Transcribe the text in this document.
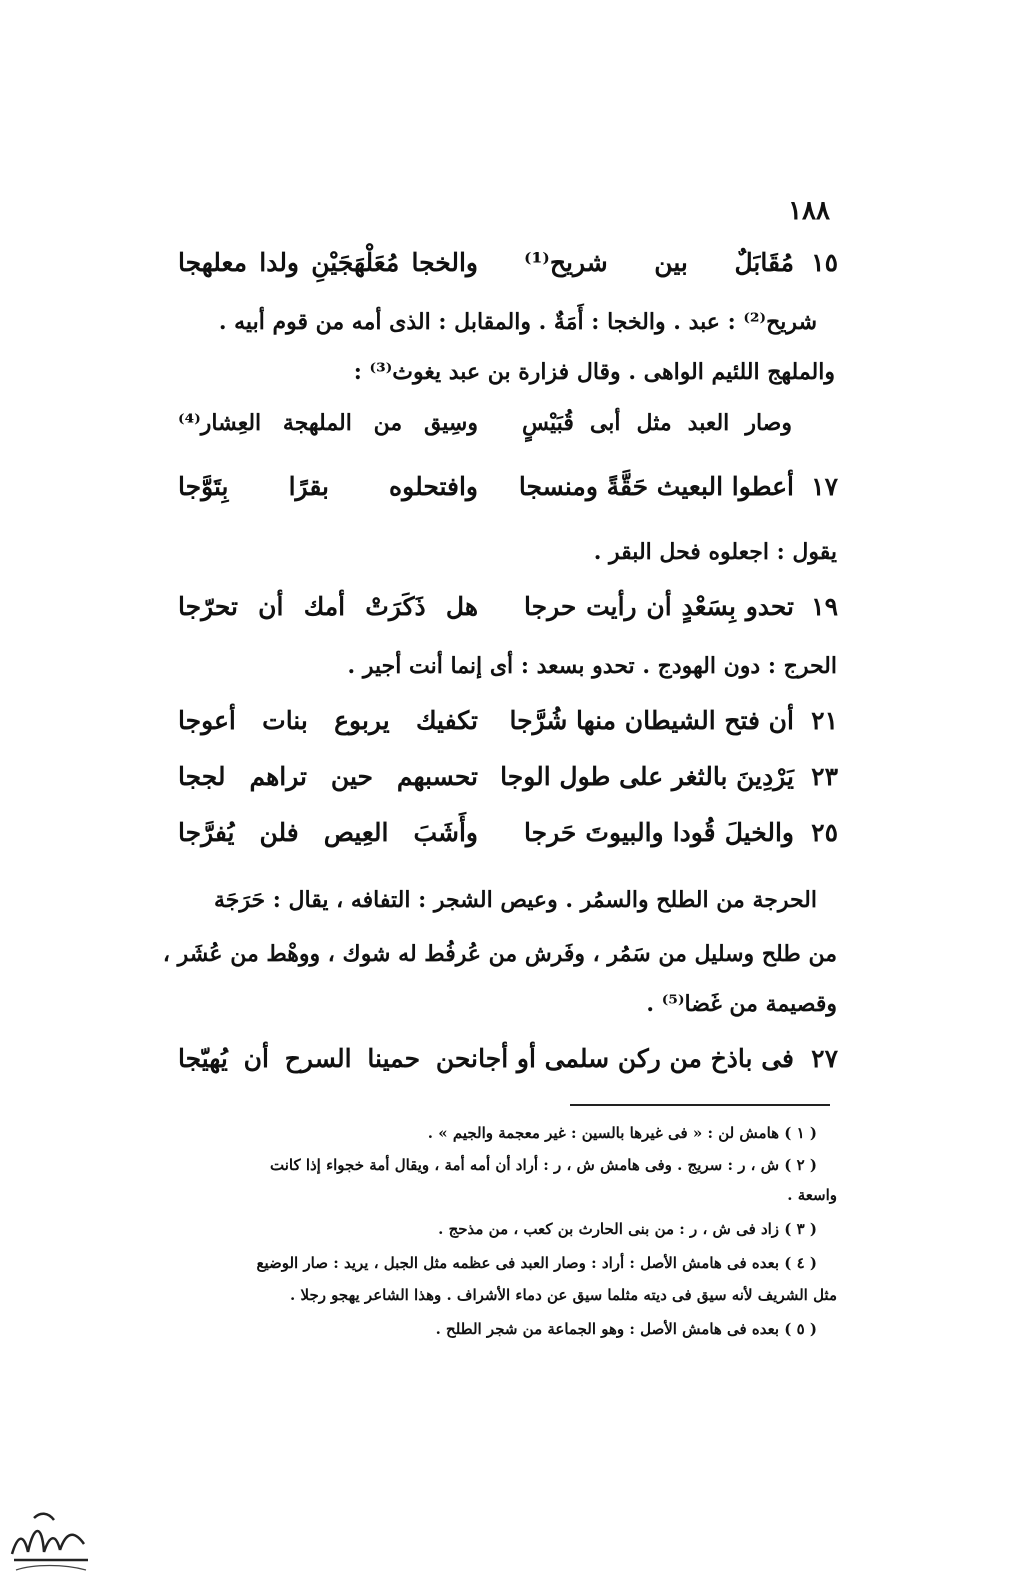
١٨٨
١٥
مُقَابَلٌ بين شريح⁽¹⁾
والخجا مُعَلْهَجَيْنِ ولدا معلهجا
شريح⁽²⁾ : عبد . والخجا : أَمَةٌ . والمقابل : الذى أمه من قوم أبيه .
والملهج اللئيم الواهى . وقال فزارة بن عبد يغوث⁽³⁾ :
وصار العبد مثل أبى قُبَيْسٍ
وسِيق من الملهجة العِشار⁽⁴⁾
١٧
أعطوا البعيث حَقَّةً ومنسجا
وافتحلوه بقرًا بِتَوَّجا
يقول : اجعلوه فحل البقر .
١٩
تحدو بِسَعْدٍ أن رأيت حرجا
هل ذَكَرَتْ أمك أن تحرّجا
الحرج : دون الهودج . تحدو بسعد : أى إنما أنت أجير .
٢١
أن فتح الشيطان منها شُرَّجا
تكفيك يربوع بنات أعوجا
٢٣
يَرْدِينَ بالثغر على طول الوجا
تحسبهم حين تراهم لججا
٢٥
والخيلَ قُودا والبيوتَ حَرجا
وأَشَبَ العِيص فلن يُفرَّجا
الحرجة من الطلح والسمُر . وعيص الشجر : التفافه ، يقال : حَرَجَة
من طلح وسليل من سَمُر ، وفَرش من عُرفُط له شوك ، ووهْط من عُشَر ،
وقصيمة من غَضا⁽⁵⁾ .
٢٧
فى باذخ من ركن سلمى أو أجا
نحن حمينا السرح أن يُهيّجا
( ١ ) هامش لن : « فى غيرها بالسين : غير معجمة والجيم » .
( ٢ ) ش ، ر : سريج . وفى هامش ش ، ر : أراد أن أمه أمة ، ويقال أمة خجواء إذا كانت
واسعة .
( ٣ ) زاد فى ش ، ر : من بنى الحارث بن كعب ، من مذحج .
( ٤ ) بعده فى هامش الأصل : أراد : وصار العبد فى عظمه مثل الجبل ، يريد : صار الوضيع
مثل الشريف لأنه سيق فى ديته مثلما سيق عن دماء الأشراف . وهذا الشاعر يهجو رجلا .
( ٥ ) بعده فى هامش الأصل : وهو الجماعة من شجر الطلح .
